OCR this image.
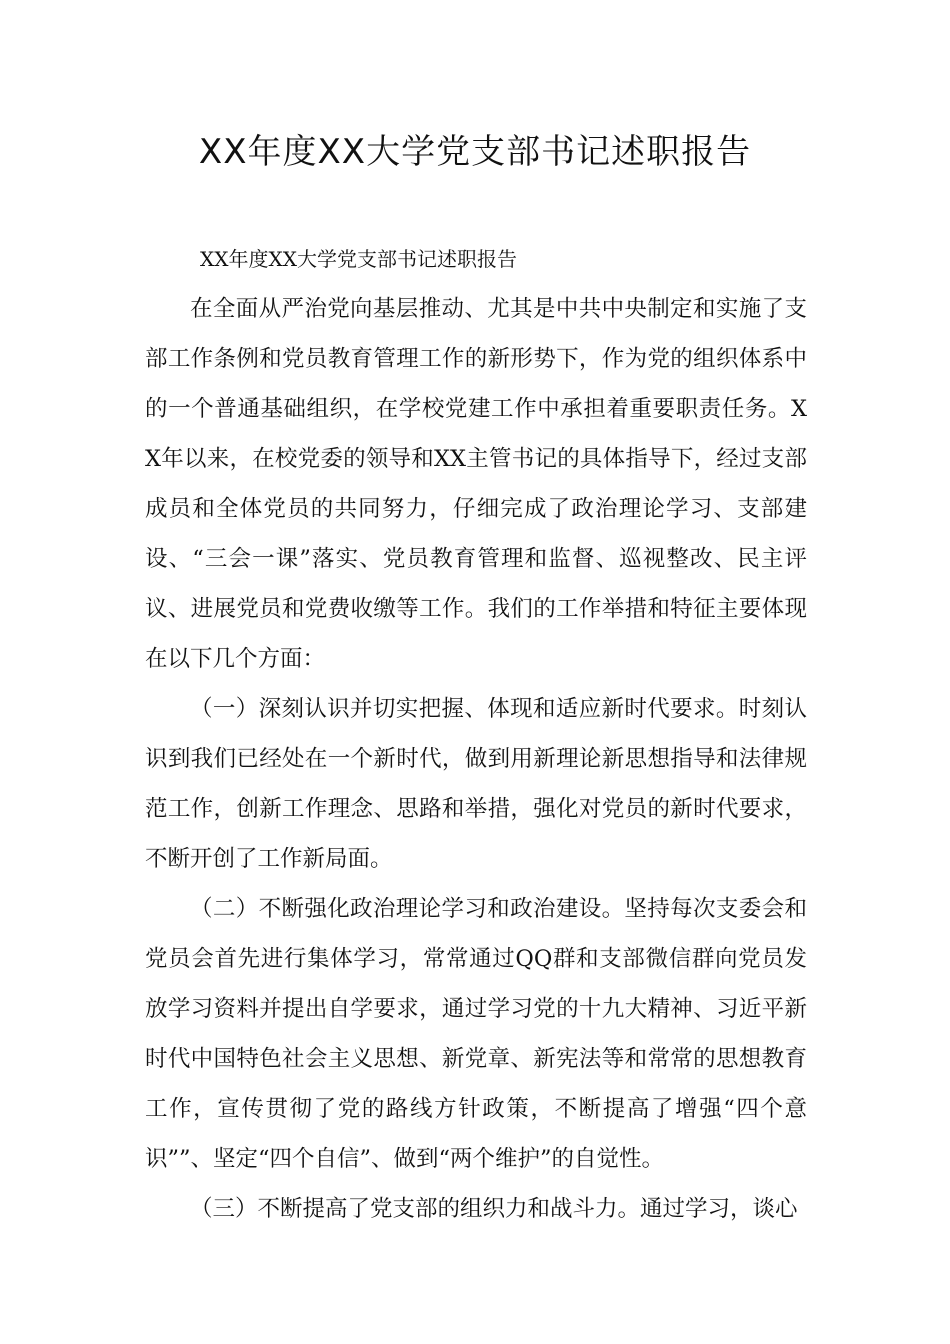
XX年度XX大学党支部书记述职报告

XX年度XX大学党支部书记述职报告

在全面从严治党向基层推动、尤其是中共中央制定和实施了支部工作条例和党员教育管理工作的新形势下，作为党的组织体系中的一个普通基础组织，在学校党建工作中承担着重要职责任务。XX年以来，在校党委的领导和XX主管书记的具体指导下，经过支部成员和全体党员的共同努力，仔细完成了政治理论学习、支部建设、“三会一课”落实、党员教育管理和监督、巡视整改、民主评议、进展党员和党费收缴等工作。我们的工作举措和特征主要体现在以下几个方面：

（一）深刻认识并切实把握、体现和适应新时代要求。时刻认识到我们已经处在一个新时代，做到用新理论新思想指导和法律规范工作，创新工作理念、思路和举措，强化对党员的新时代要求，不断开创了工作新局面。

（二）不断强化政治理论学习和政治建设。坚持每次支委会和党员会首先进行集体学习，常常通过QQ群和支部微信群向党员发放学习资料并提出自学要求，通过学习党的十九大精神、习近平新时代中国特色社会主义思想、新党章、新宪法等和常常的思想教育工作，宣传贯彻了党的路线方针政策，不断提高了增强“四个意识””、坚定“四个自信”、做到“两个维护”的自觉性。

（三）不断提高了党支部的组织力和战斗力。通过学习，谈心
